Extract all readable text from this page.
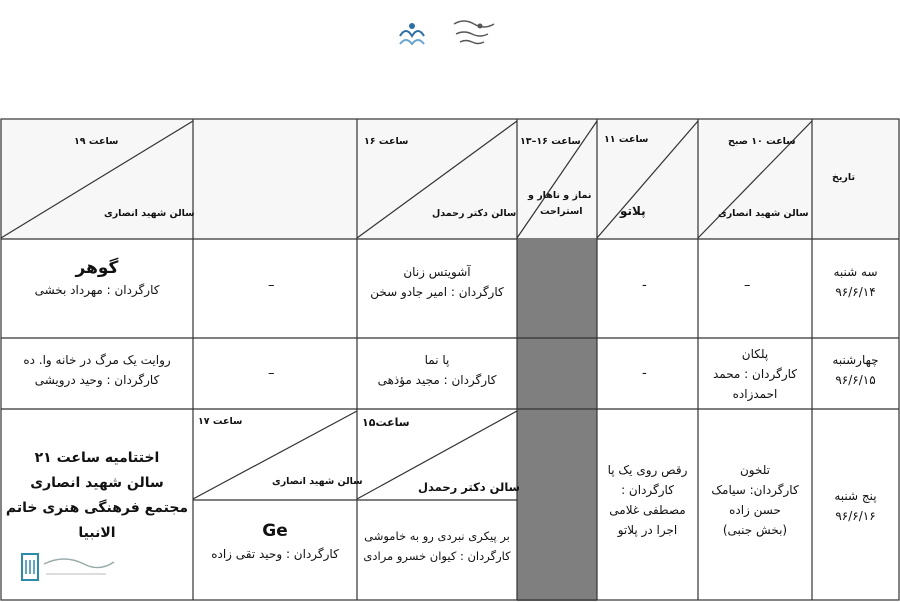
تاریخ
ساعت ۱۰ صبح
سالن شهید انصاری
ساعت ۱۱
پلاتو
ساعت ۱۶–۱۳
نماز و ناهار و
استراحت
ساعت ۱۶
سالن دکتر رحمدل
ساعت ۱۹
سالن شهید انصاری
سه شنبه
۹۶/۶/۱۴
–
-
آشویتس زنان
کارگردان : امیر جادو سخن
–
گوهر
کارگردان : مهرداد بخشی
چهارشنبه
۹۶/۶/۱۵
پلکان
کارگردان : محمد
احمدزاده
-
پا نما
کارگردان : مجید مؤذهی
–
روایت یک مرگ در خانه وا. ده
کارگردان : وحید درویشی
پنج شنبه
۹۶/۶/۱۶
تلخون
کارگردان: سیامک
حسن زاده
(بخش جنبی)
رقص روی یک پا
کارگردان :
مصطفی غلامی
اجرا در پلاتو
ساعت۱۵
سالن دکتر رحمدل
بر پیکری نبردی رو به خاموشی
کارگردان : کیوان خسرو مرادی
ساعت ۱۷
سالن شهید انصاری
Ge
کارگردان : وحید تقی زاده
اختتامیه ساعت ۲۱
سالن شهید انصاری
مجتمع فرهنگی هنری خاتم
الانبیا
